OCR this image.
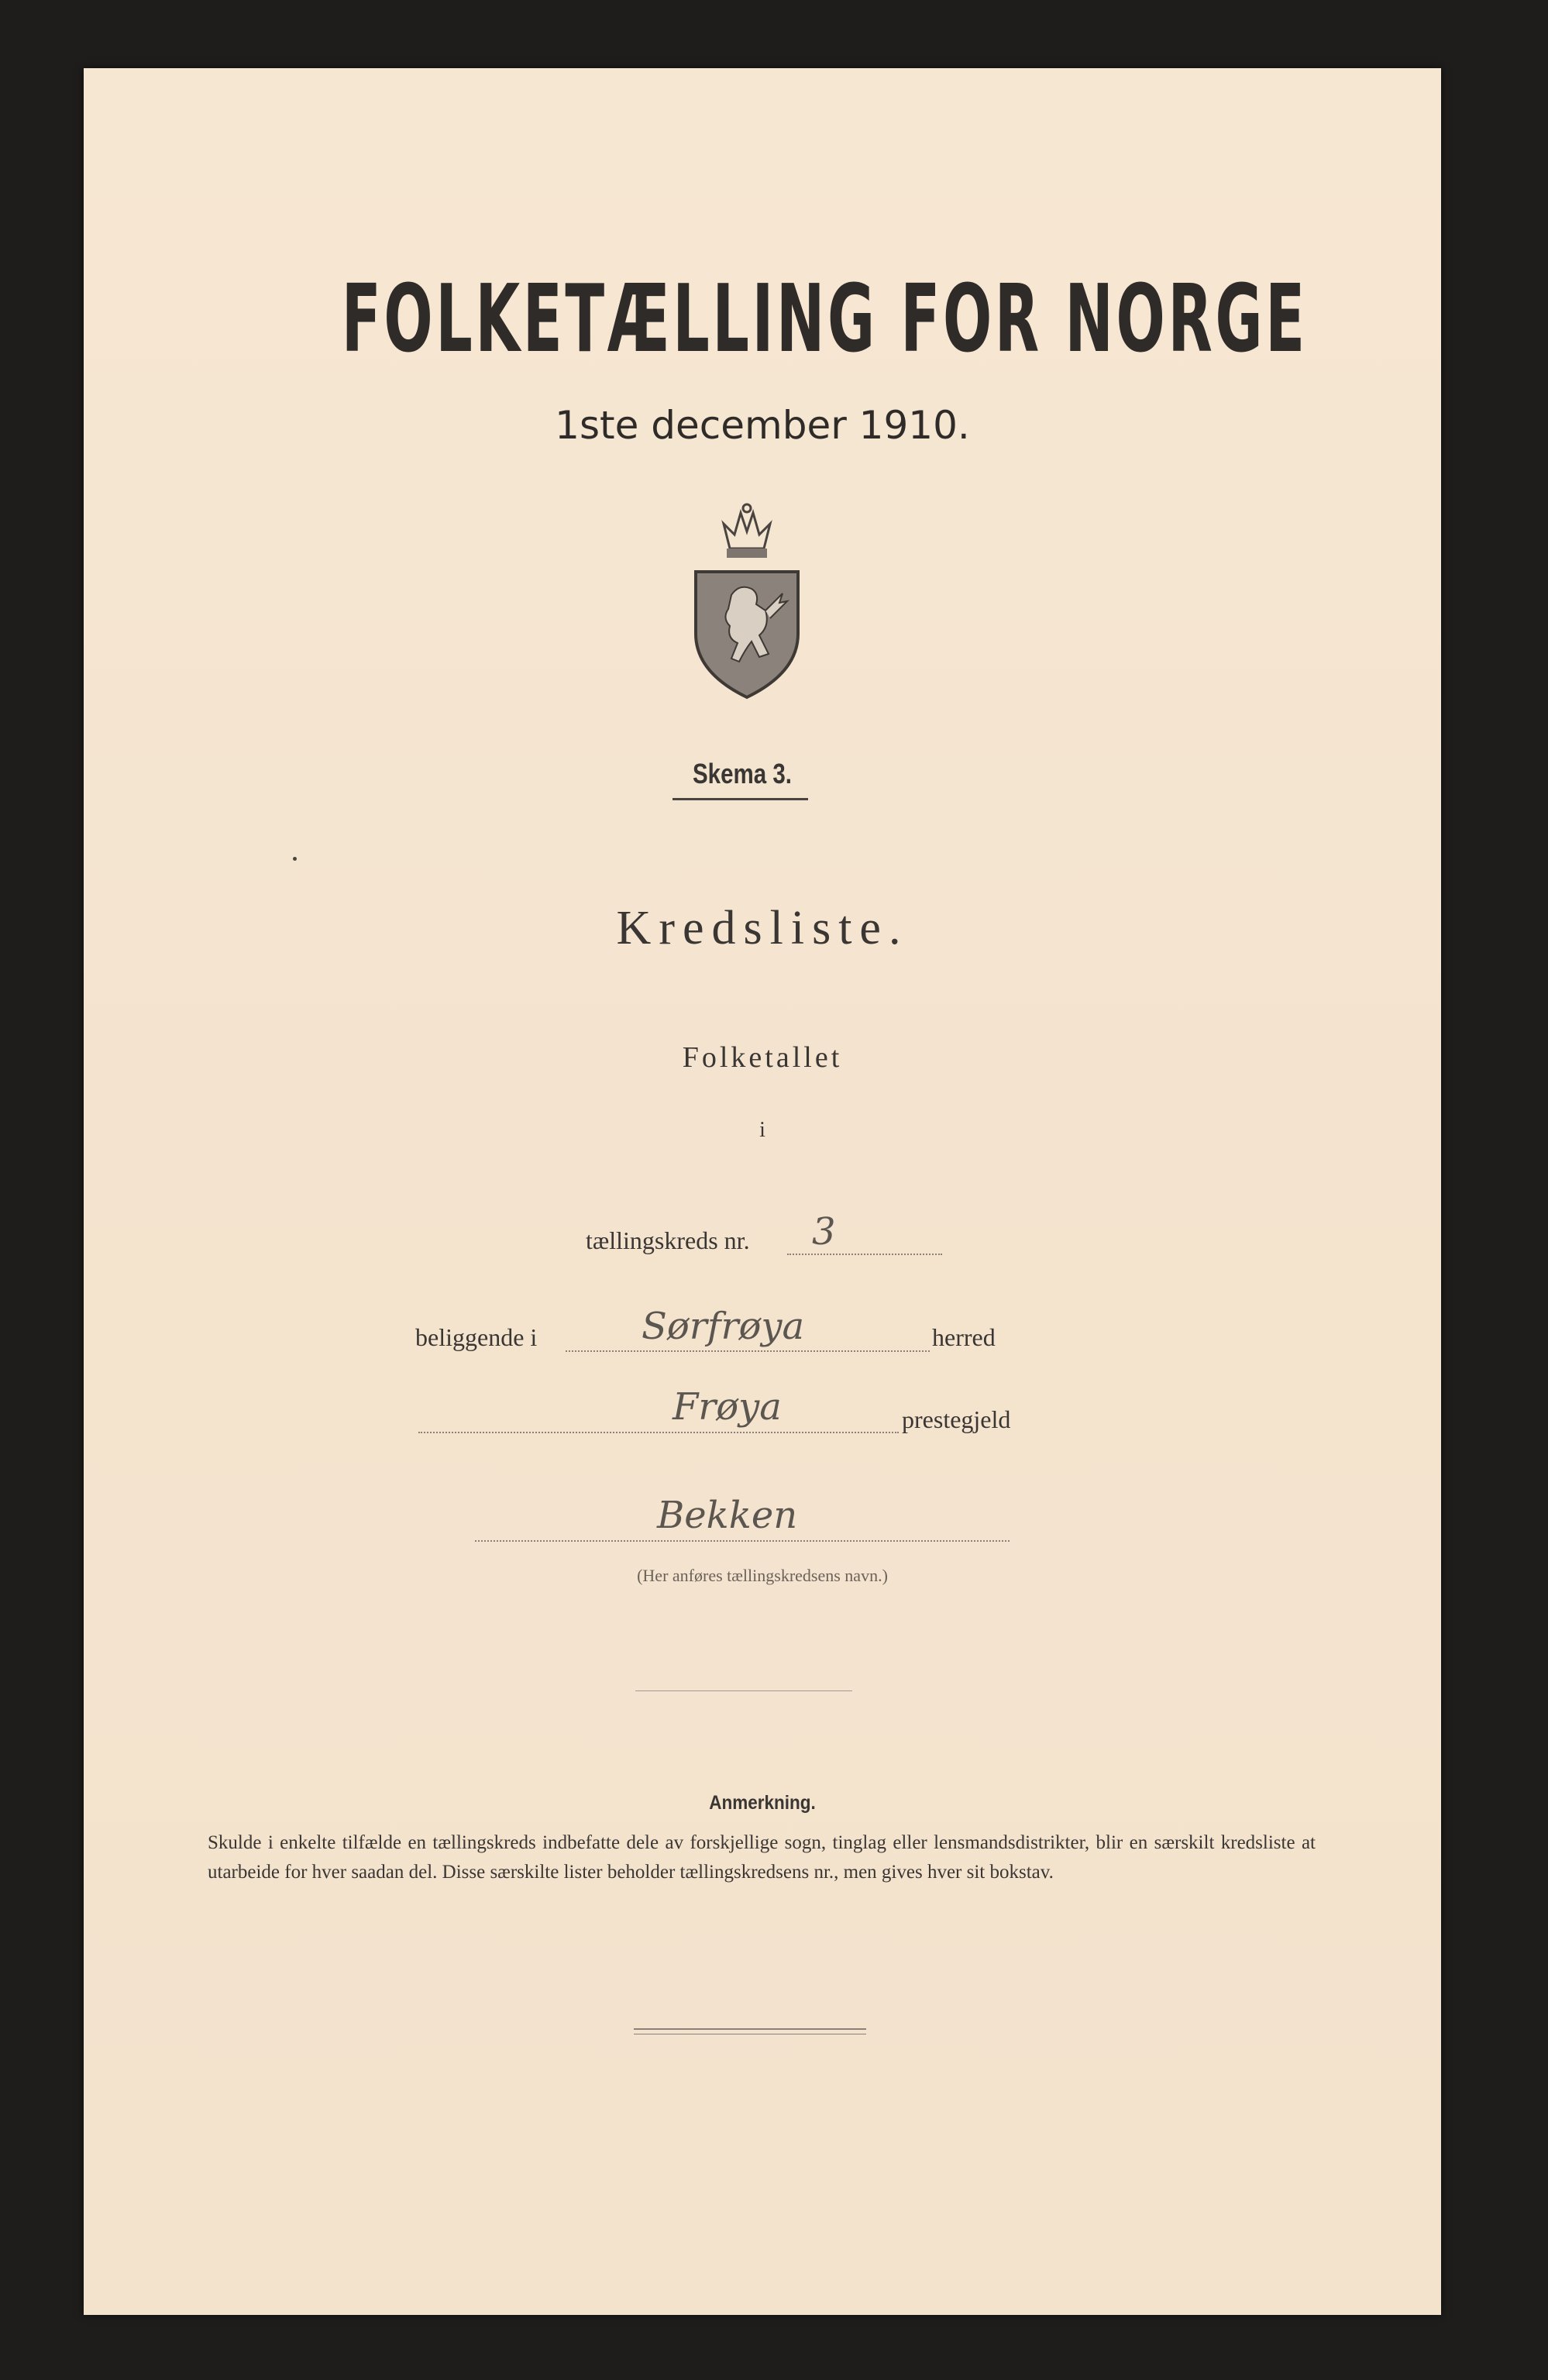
FOLKETÆLLING FOR NORGE
1ste december 1910.
Skema 3.
Kredsliste.
Folketallet
i
tællingskreds nr. 3
beliggende i	Sørfrøya	herred
Frøya	prestegjeld
Bekken
(Her anføres tællingskredsens navn.)
Anmerkning.
Skulde i enkelte tilfælde en tællingskreds indbefatte dele av forskjellige sogn, tinglag eller lensmandsdistrikter, blir en særskilt kredsliste at utarbeide for hver saadan del. Disse særskilte lister beholder tællingskredsens nr., men gives hver sit bokstav.
